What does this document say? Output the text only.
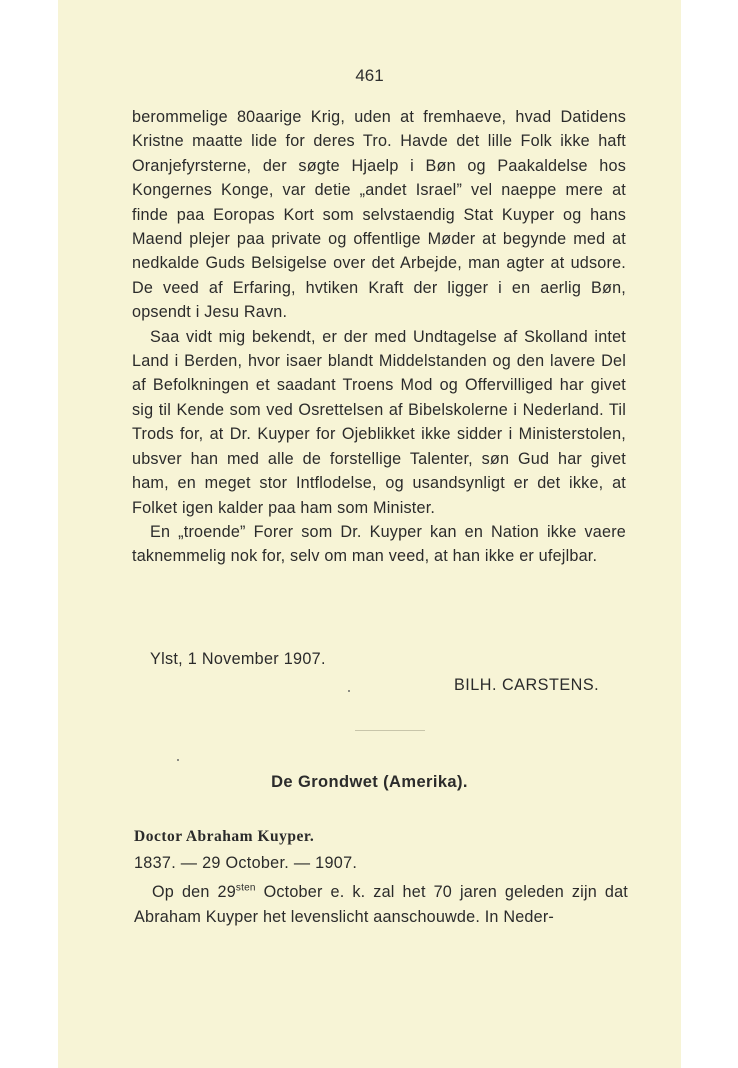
461

berommelige 80aarige Krig, uden at fremhaeve, hvad Datidens Kristne maatte lide for deres Tro. Havde det lille Folk ikke haft Oranjefyrsterne, der søgte Hjaelp i Bøn og Paakaldelse hos Kongernes Konge, var detie „andet Israel” vel naeppe mere at finde paa Eoropas Kort som selvstaendig Stat Kuyper og hans Maend plejer paa private og offentlige Møder at begynde med at nedkalde Guds Belsigelse over det Arbejde, man agter at udsore. De veed af Erfaring, hvtiken Kraft der ligger i en aerlig Bøn, opsendt i Jesu Ravn.

Saa vidt mig bekendt, er der med Undtagelse af Skolland intet Land i Berden, hvor isaer blandt Middelstanden og den lavere Del af Befolkningen et saadant Troens Mod og Offervilliged har givet sig til Kende som ved Osrettelsen af Bibelskolerne i Nederland. Til Trods for, at Dr. Kuyper for Ojeblikket ikke sidder i Ministerstolen, ubsver han med alle de forstellige Talenter, søn Gud har givet ham, en meget stor Intflodelse, og usandsynligt er det ikke, at Folket igen kalder paa ham som Minister.

En „troende” Forer som Dr. Kuyper kan en Nation ikke vaere taknemmelig nok for, selv om man veed, at han ikke er ufejlbar.

Ylst, 1 November 1907.
BILH. CARSTENS.
De Grondwet (Amerika).
Doctor Abraham Kuyper.
1837. — 29 October. — 1907.

Op den $29^{sten}$ October e. k. zal het 70 jaren geleden zijn dat Abraham Kuyper het levenslicht aanschouwde. In Neder-
